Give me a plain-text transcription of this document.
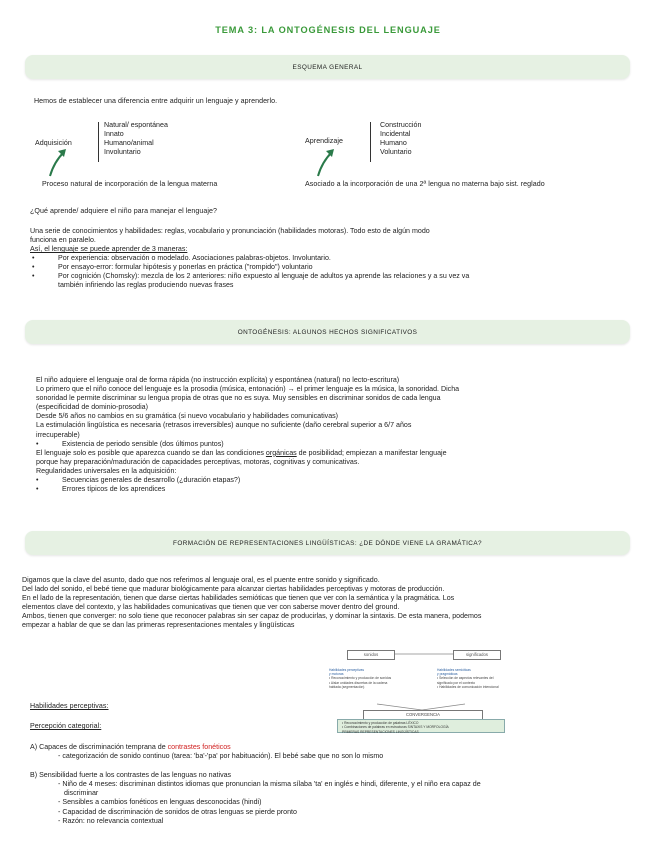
TEMA 3: LA ONTOGÉNESIS DEL LENGUAJE
ESQUEMA GENERAL
Hemos de establecer una diferencia entre adquirir un lenguaje y aprenderlo.
Adquisición
Natural/ espontánea
Innato
Humano/animal
Involuntario
Proceso natural de incorporación de la lengua materna
Aprendizaje
Construcción
Incidental
Humano
Voluntario
Asociado a la incorporación de una 2ª lengua no materna bajo sist. reglado
¿Qué aprende/ adquiere el niño para manejar el lenguaje?
Una serie de conocimientos y habilidades: reglas, vocabulario y pronunciación (habilidades motoras). Todo esto de algún modo
funciona en paralelo.
Así, el lenguaje se puede aprender de 3 maneras:
• Por experiencia: observación o modelado. Asociaciones palabras-objetos. Involuntario.
• Por ensayo-error: formular hipótesis y ponerlas en práctica ("rompido") voluntario
• Por cognición (Chomsky): mezcla de los 2 anteriores: niño expuesto al lenguaje de adultos ya aprende las relaciones y a su vez va
también infiriendo las reglas produciendo nuevas frases
ONTOGÉNESIS: ALGUNOS HECHOS SIGNIFICATIVOS
El niño adquiere el lenguaje oral de forma rápida (no instrucción explícita) y espontánea (natural) no lecto-escritura)
Lo primero que el niño conoce del lenguaje es la prosodia (música, entonación) → el primer lenguaje es la música, la sonoridad. Dicha
sonoridad le permite discriminar su lengua propia de otras que no es suya. Muy sensibles en discriminar sonidos de cada lengua
(especificidad de dominio-prosodia)
Desde 5/6 años no cambios en su gramática (si nuevo vocabulario y habilidades comunicativas)
La estimulación lingüística es necesaria (retrasos irreversibles) aunque no suficiente (daño cerebral superior a 6/7 años
irrecuperable)
• Existencia de periodo sensible (dos últimos puntos)
El lenguaje solo es posible que aparezca cuando se dan las condiciones orgánicas de posibilidad; empiezan a manifestar lenguaje
porque hay preparación/maduración de capacidades perceptivas, motoras, cognitivas y comunicativas.
Regularidades universales en la adquisición:
• Secuencias generales de desarrollo (¿duración etapas?)
• Errores típicos de los aprendices
FORMACIÓN DE REPRESENTACIONES LINGÜÍSTICAS: ¿DE DÓNDE VIENE LA GRAMÁTICA?
Digamos que la clave del asunto, dado que nos referimos al lenguaje oral, es el puente entre sonido y significado.
Del lado del sonido, el bebé tiene que madurar biológicamente para alcanzar ciertas habilidades perceptivas y motoras de producción.
En el lado de la representación, tienen que darse ciertas habilidades semióticas que tienen que ver con la semántica y la pragmática. Los
elementos clave del contexto, y las habilidades comunicativas que tienen que ver con saberse mover dentro del ground.
Ambos, tienen que converger: no solo tiene que reconocer palabras sin ser capaz de producirlas, y dominar la sintaxis. De esta manera, podemos
empezar a hablar de que se dan las primeras representaciones mentales y lingüísticas
sonidos	significados
Habilidades perceptivas
y motoras
• Reconocimiento y producción de sonidos
• Aislar unidades discretas de la cadena
hablada (segmentación)
Habilidades semióticas
y pragmáticas
• Selección de aspectos relevantes del
significado por el contexto
• Habilidades de comunicación intencional
CONVERGENCIA
• Reconocimiento y producción de palabras LÉXICO
• Combinaciones de palabras en estructuras SINTAXIS Y MORFOLOGÍA
PRIMERAS REPRESENTACIONES LINGÜÍSTICAS
Habilidades perceptivas:
Percepción categorial:
A) Capaces de discriminación temprana de contrastes fonéticos
- categorización de sonido continuo (tarea: 'ba'-'pa' por habituación). El bebé sabe que no son lo mismo
B) Sensibilidad fuerte a los contrastes de las lenguas no nativas
- Niño de 4 meses: discriminan distintos idiomas que pronuncian la misma sílaba 'ta' en inglés e hindi, diferente, y el niño era capaz de
discriminar
- Sensibles a cambios fonéticos en lenguas desconocidas (hindi)
- Capacidad de discriminación de sonidos de otras lenguas se pierde pronto
- Razón: no relevancia contextual
